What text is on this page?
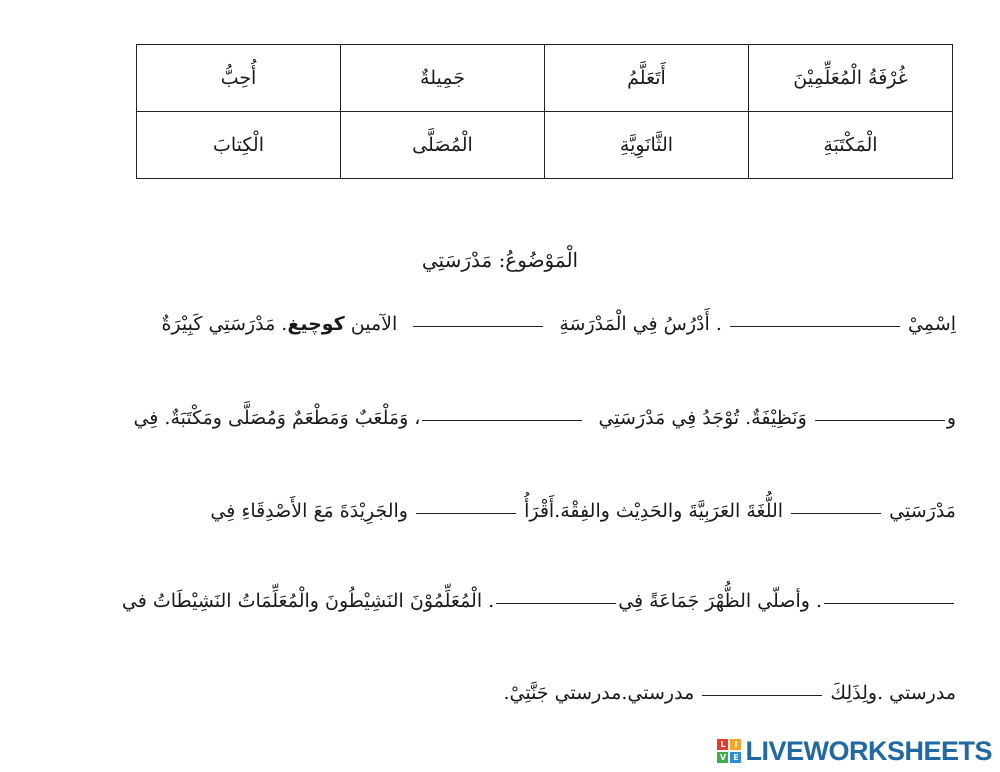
غُرْفَةُ الْمُعَلِّمِيْنَ	أَتَعَلَّمُ	جَمِيلةٌ	أُحِبُّ
الْمَكْتَبَةِ	الثَّانَوِيَّةِ	الْمُصَلَّى	الْكِتابَ
الْمَوْضُوعُ: مَدْرَسَتِي
اِسْمِيْ  . أَدْرُسُ فِي الْمَدْرَسَةِ  الآمين كوچيغ. مَدْرَسَتِي كَبِيْرَةٌ
و وَنَظِيْفَةٌ. تُوْجَدُ فِي مَدْرَسَتِي ، وَمَلْعَبٌ وَمَطْعَمٌ وَمُصَلَّى ومَكْتَبَةٌ. فِي
مَدْرَسَتِي  اللُّغَةَ العَرَبِيَّةَ والحَدِيْث والفِقْهَ.أَقْرَأُ  والجَرِيْدَةَ مَعَ الأَصْدِقَاءِ فِي
. وأصلّي الظُّهْرَ جَمَاعَةً فِي. الْمُعَلِّمُوْنَ النَشِيْطُونَ والْمُعَلِّمَاتُ النَشِيْطَاتُ في
مدرستي .ولِذَلِكَ  مدرستي.مدرستي جَنَّتِيْ.
L	I
V E LIVEWORKSHEETS
